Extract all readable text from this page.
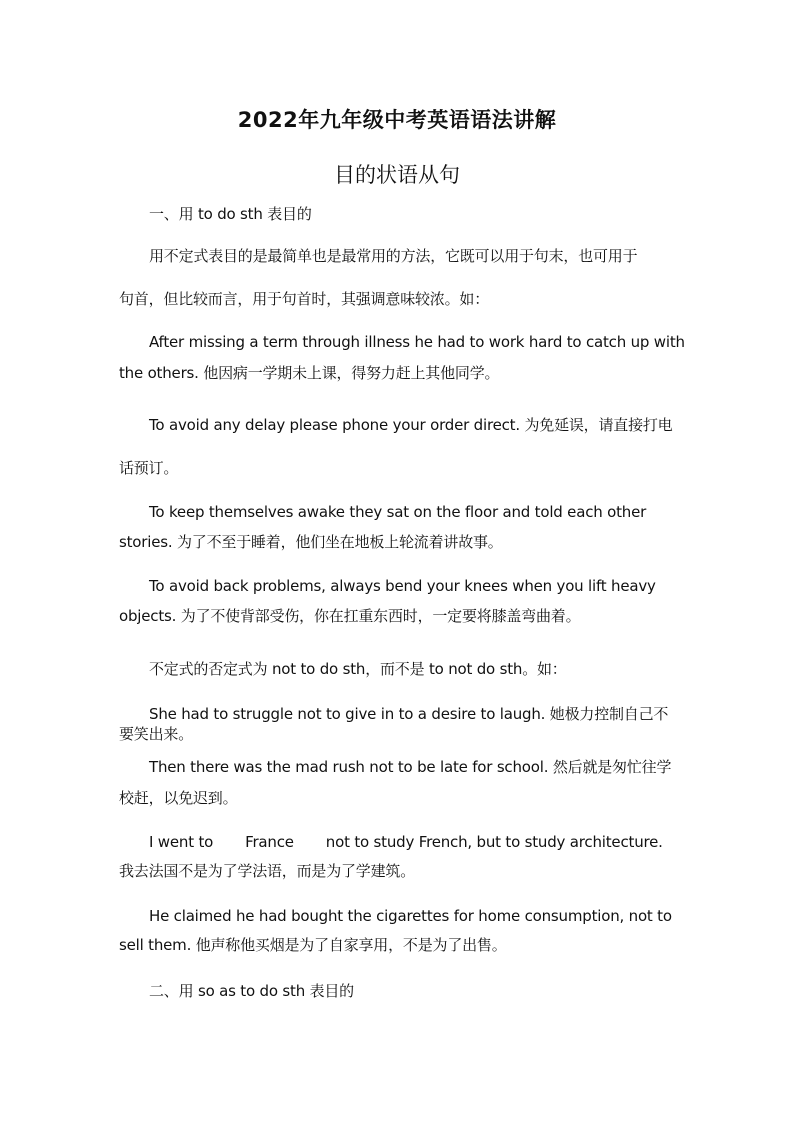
2022年九年级中考英语语法讲解
目的状语从句
一、用 to do sth 表目的
用不定式表目的是最简单也是最常用的方法，它既可以用于句末，也可用于
句首，但比较而言，用于句首时，其强调意味较浓。如：
After missing a term through illness he had to work hard to catch up with
the others. 他因病一学期未上课，得努力赶上其他同学。
To avoid any delay please phone your order direct. 为免延误，请直接打电
话预订。
To keep themselves awake they sat on the floor and told each other
stories. 为了不至于睡着，他们坐在地板上轮流着讲故事。
To avoid back problems, always bend your knees when you lift heavy
objects. 为了不使背部受伤，你在扛重东西时，一定要将膝盖弯曲着。
不定式的否定式为 not to do sth，而不是 to not do sth。如：
She had to struggle not to give in to a desire to laugh. 她极力控制自己不
要笑出来。
Then there was the mad rush not to be late for school. 然后就是匆忙往学
校赶，以免迟到。
I went to France not to study French, but to study architecture.
我去法国不是为了学法语，而是为了学建筑。
He claimed he had bought the cigarettes for home consumption, not to
sell them. 他声称他买烟是为了自家享用，不是为了出售。
二、用 so as to do sth 表目的
